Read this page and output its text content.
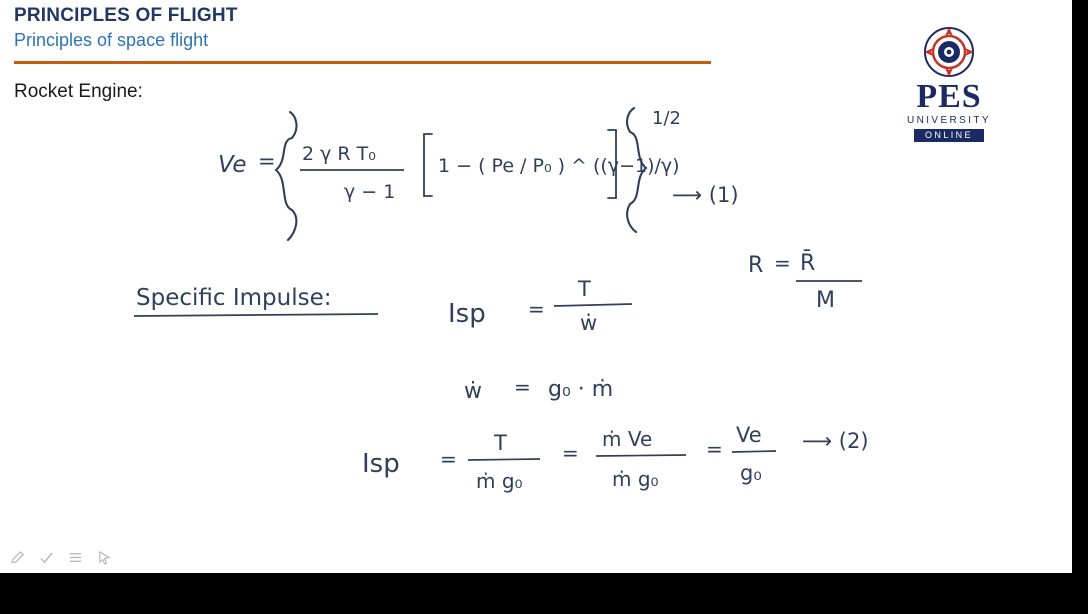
PRINCIPLES OF FLIGHT
Principles of space flight
Rocket Engine:	PES
UNIVERSITY
ONLINE
Ve = 2 γ R T₀
γ − 1
1 − ( Pe / P₀ ) ^ ((γ−1)/γ)
1/2
⟶ (1)
R = R̄
M
Specific Impulse:
Isp =
T
ẇ
ẇ = g₀ · ṁ
Isp =
T
ṁ g₀
=
ṁ Ve
ṁ g₀
=
Ve
g₀
⟶ (2)
